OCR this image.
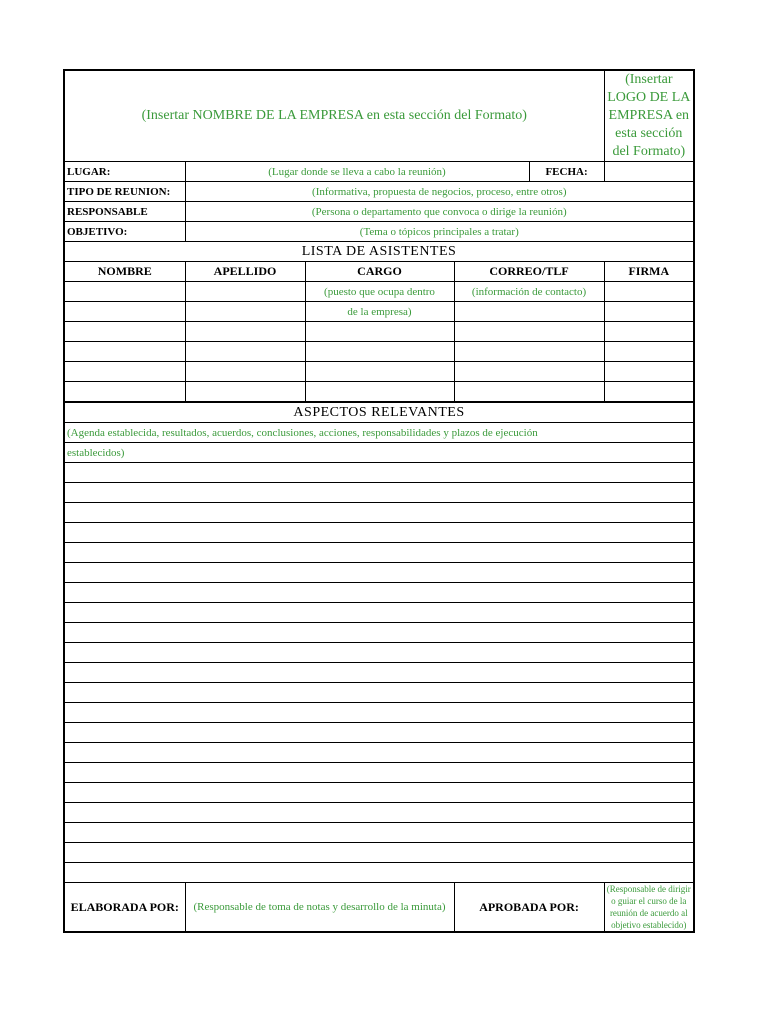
(Insertar NOMBRE DE LA EMPRESA en esta sección del Formato)					(Insertar LOGO DE LA EMPRESA en esta sección del Formato)
LUGAR:	(Lugar donde se lleva a cabo la reunión)			FECHA:	
TIPO DE REUNION:	(Informativa, propuesta de negocios, proceso, entre otros)				
RESPONSABLE	(Persona o departamento que convoca o dirige la reunión)				
OBJETIVO:	(Tema o tópicos principales a tratar)				
LISTA DE ASISTENTES					
NOMBRE	APELLIDO	CARGO	CORREO/TLF		FIRMA
		(puesto que ocupa dentro	(información de contacto)		
		de la empresa)			

ASPECTOS RELEVANTES					
(Agenda establecida, resultados, acuerdos, conclusiones, acciones, responsabilidades y plazos de ejecución					
establecidos)					

ELABORADA POR:	(Responsable de toma de notas y desarrollo de la minuta)		APROBADA POR:		(Responsable de dirigir o guiar el curso de la reunión de acuerdo al objetivo establecido)
